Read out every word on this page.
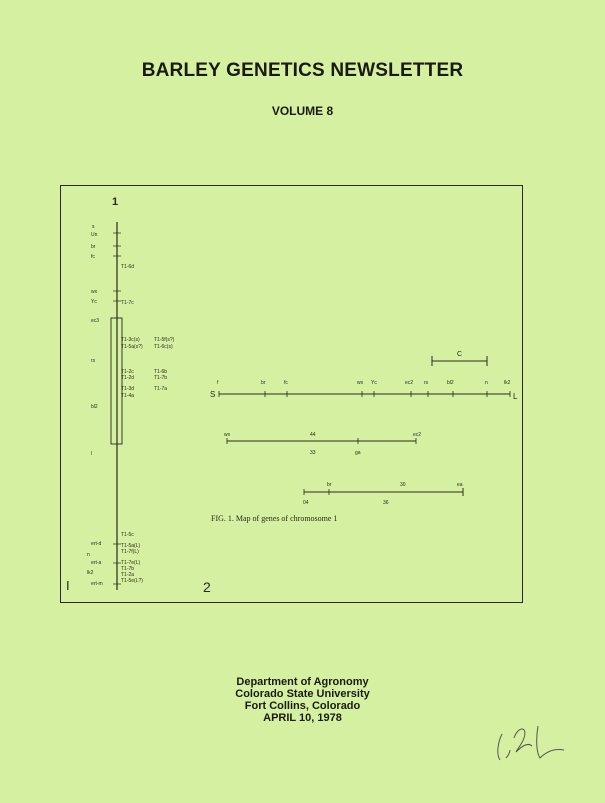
BARLEY GENETICS NEWSLETTER
VOLUME 8
1
2
I
s
Un
br
fc
wx
Yc
ec3
rs
bl2
l
ert-d
n
ert-a
lk2
ert-m
T1-6d
T1-7c
T1-3c(s)	T1-5f(s?)
T1-5a(s?) T1-6c(s)
T1-2c	T1-6b
T1-2d	T1-7b
T1-3d	T1-7a
T1-4a
T1-5c
T1-5a(L)
T1-7f(L)
T1-7e(L)
T1-7b
T1-2a
T1-5e(L?)
S	L
f	br	fc	wx Yc	ec2 rs	bl2	n	lk2
C
wx	ec2
44
33	ga
br	ea
30
04	36
FIG. 1. Map of genes of chromosome 1
Department of Agronomy
Colorado State University
Fort Collins, Colorado
APRIL 10, 1978
